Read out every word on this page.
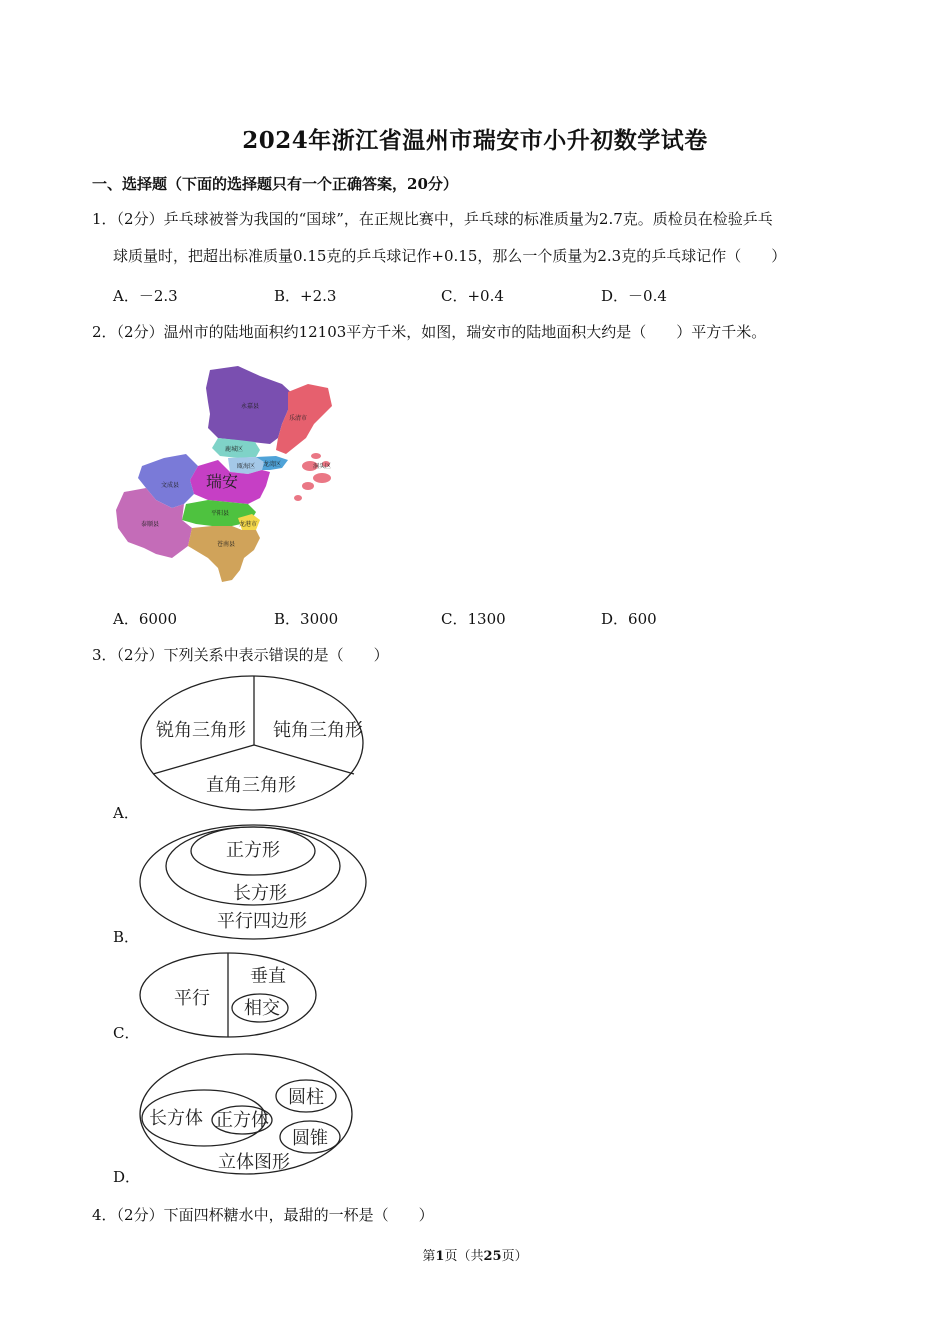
2024年浙江省温州市瑞安市小升初数学试卷
一、选择题（下面的选择题只有一个正确答案，20分）
1．（2分）乒乓球被誉为我国的“国球”，在正规比赛中，乒乓球的标准质量为2.7克。质检员在检验乒乓
球质量时，把超出标准质量0.15克的乒乓球记作+0.15，那么一个质量为2.3克的乒乓球记作（　　）
A．－2.3	B．+2.3	C．+0.4	D．－0.4
2．（2分）温州市的陆地面积约12103平方千米，如图，瑞安市的陆地面积大约是（　　）平方千米。
永嘉县
乐清市
鹿城区
瓯海区 龙湾区
瑞安
文成县
平阳县
泰顺县	龙港市
苍南县
洞头区
A．6000	B．3000	C．1300	D．600
3．（2分）下列关系中表示错误的是（　　）
锐角三角形 钝角三角形
直角三角形
A．
正方形
长方形
平行四边形
B．
平行
垂直
相交
C．
圆柱
长方体 正方体
圆锥
立体图形
D．
4．（2分）下面四杯糖水中，最甜的一杯是（　　）
第1页（共25页）
